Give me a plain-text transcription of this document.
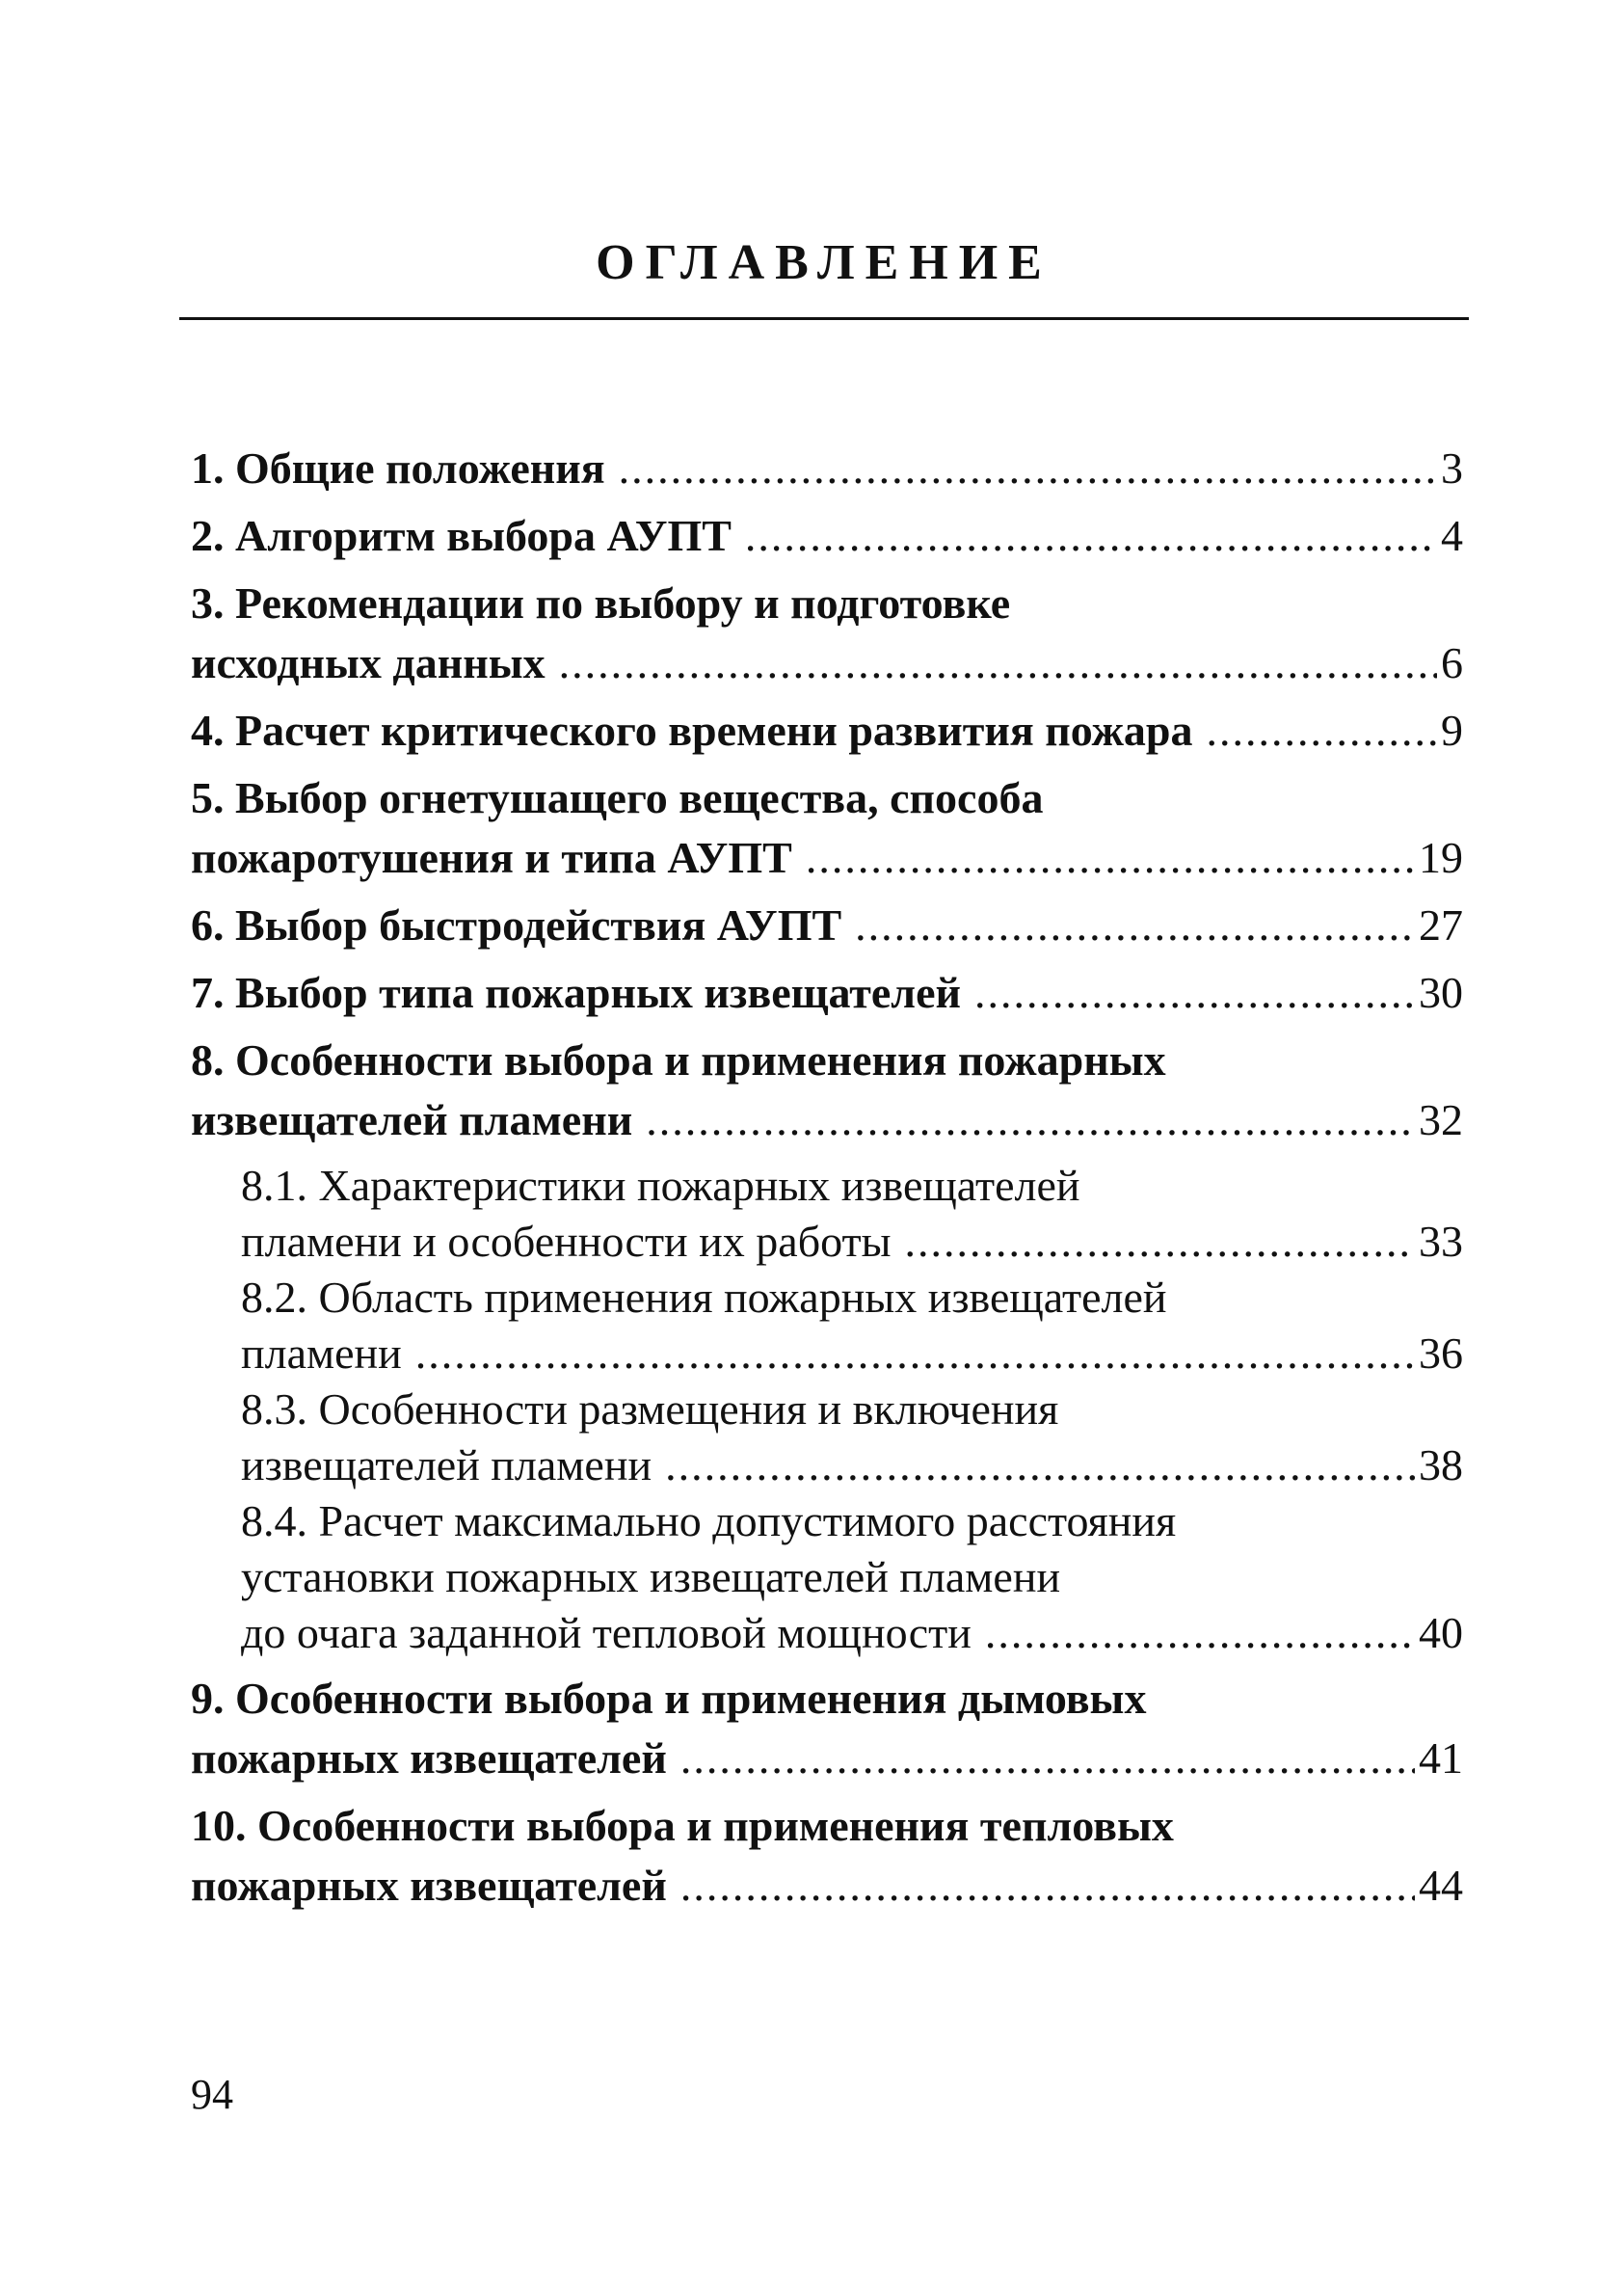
ОГЛАВЛЕНИЕ
1. Общие положения .....	3
2. Алгоритм выбора АУПТ .....	4
3. Рекомендации по выбору и подготовке
исходных данных .....	6
4. Расчет критического времени развития пожара .....	9
5. Выбор огнетушащего вещества, способа
пожаротушения и типа АУПТ .....	19
6. Выбор быстродействия АУПТ .....	27
7. Выбор типа пожарных извещателей .....	30
8. Особенности выбора и применения пожарных
извещателей пламени .....	32
8.1. Характеристики пожарных извещателей
пламени и особенности их работы .....	33
8.2. Область применения пожарных извещателей
пламени .....	36
8.3. Особенности размещения и включения
извещателей пламени .....	38
8.4. Расчет максимально допустимого расстояния
установки пожарных извещателей пламени
до очага заданной тепловой мощности .....	40
9. Особенности выбора и применения дымовых
пожарных извещателей .....	41
10. Особенности выбора и применения тепловых
пожарных извещателей .....	44
94
